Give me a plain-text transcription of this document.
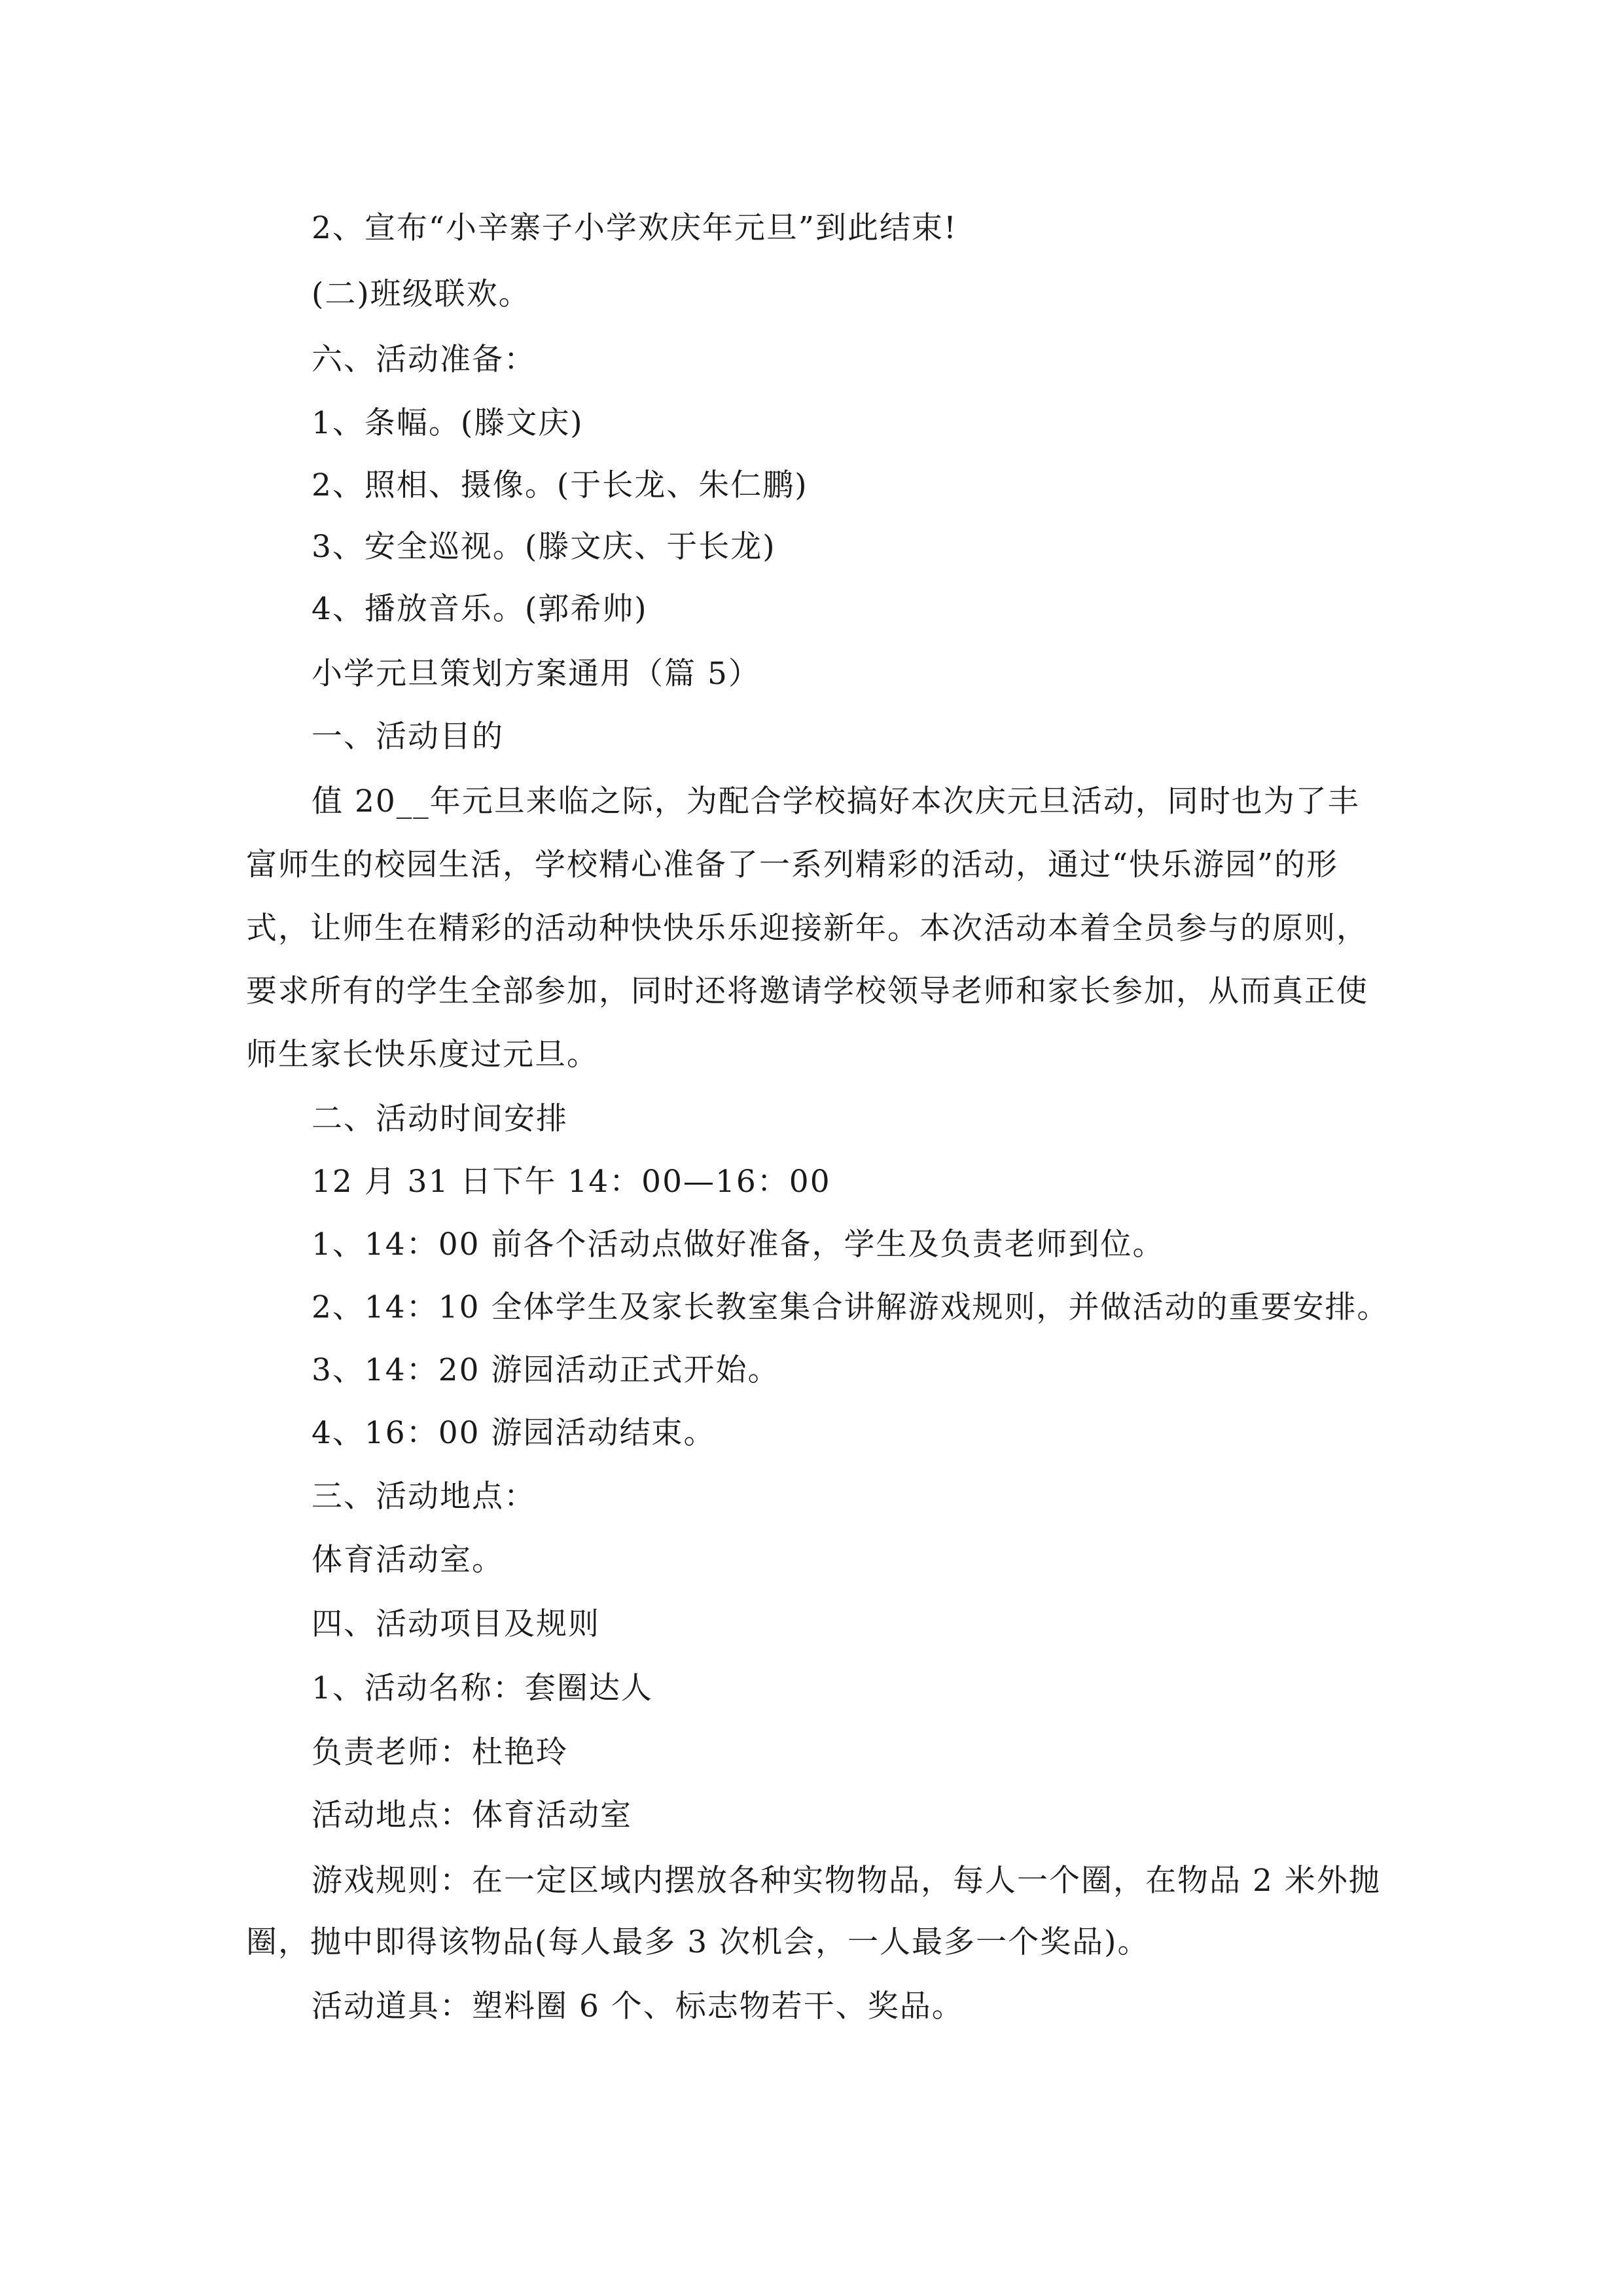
2、宣布“小辛寨子小学欢庆年元旦”到此结束!
(二)班级联欢。
六、活动准备：
1、条幅。(滕文庆)
2、照相、摄像。(于长龙、朱仁鹏)
3、安全巡视。(滕文庆、于长龙)
4、播放音乐。(郭希帅)
小学元旦策划方案通用（篇 5）
一、活动目的
值 20__年元旦来临之际，为配合学校搞好本次庆元旦活动，同时也为了丰
富师生的校园生活，学校精心准备了一系列精彩的活动，通过“快乐游园”的形
式，让师生在精彩的活动种快快乐乐迎接新年。本次活动本着全员参与的原则，
要求所有的学生全部参加，同时还将邀请学校领导老师和家长参加，从而真正使
师生家长快乐度过元旦。
二、活动时间安排
12 月 31 日下午 14：00—16：00
1、14：00 前各个活动点做好准备，学生及负责老师到位。
2、14：10 全体学生及家长教室集合讲解游戏规则，并做活动的重要安排。
3、14：20 游园活动正式开始。
4、16：00 游园活动结束。
三、活动地点：
体育活动室。
四、活动项目及规则
1、活动名称：套圈达人
负责老师：杜艳玲
活动地点：体育活动室
游戏规则：在一定区域内摆放各种实物物品，每人一个圈，在物品 2 米外抛
圈，抛中即得该物品(每人最多 3 次机会，一人最多一个奖品)。
活动道具：塑料圈 6 个、标志物若干、奖品。
